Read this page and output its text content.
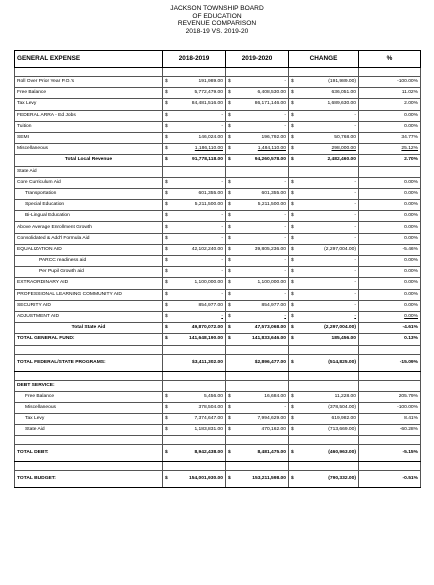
JACKSON TOWNSHIP BOARD
OF EDUCATION
REVENUE COMPARISON
2018-19 VS. 2019-20
GENERAL EXPENSE	2018-2019	2019-2020	CHANGE	%

Roll Over Prior Year P.O.'s	$ 191,989.00	$ -	$ (191,989.00)	-100.00%
Free Balance	$ 5,772,479.00	$ 6,408,530.00	$ 636,051.00	11.02%
Tax Levy	$ 84,481,516.00	$ 86,171,146.00	$ 1,689,630.00	2.00%
FEDERAL ARRA - Ed Jobs	$ -	$ -	$ -	0.00%
Tuition	$ -	$ -	$ -	0.00%
SEMI	$ 146,024.00	$ 196,792.00	$ 50,768.00	34.77%
Miscellaneous	$ 1,186,110.00	$ 1,484,110.00	$ 298,000.00	25.12%
Total Local Revenue	$ 91,778,118.00	$ 94,260,578.00	$ 2,482,460.00	2.70%
State Aid				
Core Curriculum Aid	$ -	$ -	$ -	0.00%
Transportation	$ 601,355.00	$ 601,355.00	$ -	0.00%
Special Education	$ 5,211,500.00	$ 5,211,500.00	$ -	0.00%
Bi-Lingual Education	$ -	$ -	$ -	0.00%
Above Average Enrollment Growth	$ -	$ -	$ -	0.00%
Consolidated & Add'l Formula Aid	$ -	$ -	$ -	0.00%
EQUALIZATION AID	$ 42,102,240.00	$ 39,805,236.00	$ (2,297,004.00)	-5.46%
PARCC readiness aid	$ -	$ -	$ -	0.00%
Per Pupil Growth aid	$ -	$ -	$ -	0.00%
EXTRAORDINARY AID	$ 1,100,000.00	$ 1,100,000.00	$ -	0.00%
PROFESSIONAL LEARNING COMMUNITY AID	$ -	$ -	$ -	0.00%
SECURITY AID	$ 854,977.00	$ 854,977.00	$ -	0.00%
ADJUSTMENT AID	$ -	$ -	$ -	0.00%
Total State Aid	$ 49,870,072.00	$ 47,573,068.00	$ (2,297,004.00)	-4.61%
TOTAL GENERAL FUND:	$ 141,648,190.00	$ 141,833,646.00	$ 185,456.00	0.13%

TOTAL FEDERAL/STATE PROGRAMS:	$3,411,302.00	$2,896,477.00	$ (514,825.00)	-15.09%

DEBT SERVICE:				
Free Balance	$ 5,456.00	$ 16,684.00	$ 11,228.00	205.79%
Miscellaneous	$ 378,504.00	$ -	$ (378,504.00)	-100.00%
Tax Levy	$ 7,374,647.00	$ 7,994,629.00	$ 619,982.00	8.41%
State Aid	$ 1,183,831.00	$ 470,162.00	$ (713,669.00)	-60.28%

TOTAL DEBT:	$ 8,942,438.00	$ 8,481,475.00	$ (460,963.00)	-5.15%

TOTAL BUDGET:	$ 154,001,930.00	$ 153,211,598.00	$ (790,332.00)	-0.51%
